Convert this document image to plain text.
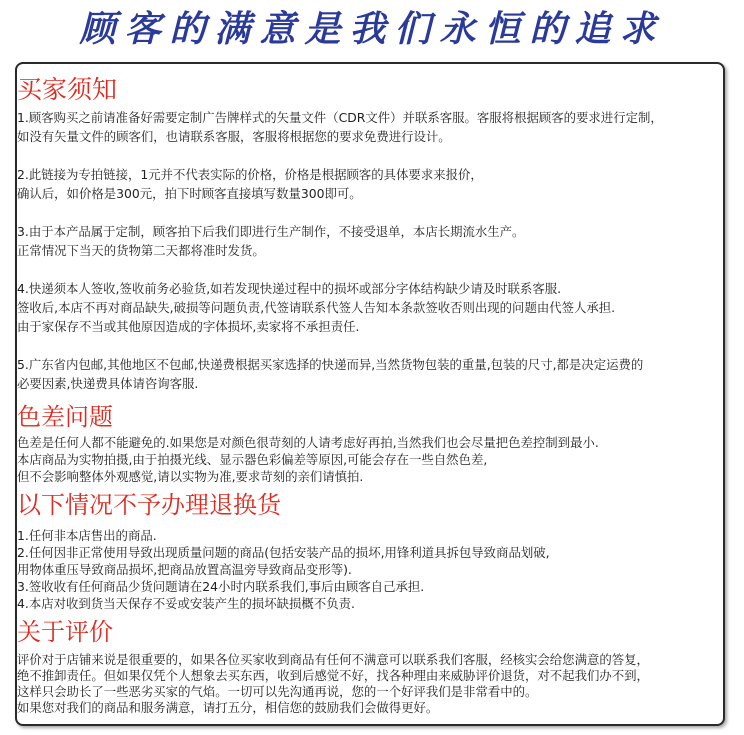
顾客的满意是我们永恒的追求
买家须知

1.顾客购买之前请准备好需要定制广告牌样式的矢量文件（CDR文件）并联系客服。客服将根据顾客的要求进行定制，

如没有矢量文件的顾客们，也请联系客服，客服将根据您的要求免费进行设计。

2.此链接为专拍链接，1元并不代表实际的价格，价格是根据顾客的具体要求来报价，

确认后，如价格是300元，拍下时顾客直接填写数量300即可。

3.由于本产品属于定制，顾客拍下后我们即进行生产制作，不接受退单，本店长期流水生产。

正常情况下当天的货物第二天都将准时发货。

4.快递须本人签收,签收前务必验货,如若发现快递过程中的损坏或部分字体结构缺少请及时联系客服.

签收后,本店不再对商品缺失,破损等问题负责,代签请联系代签人告知本条款签收否则出现的问题由代签人承担.

由于家保存不当或其他原因造成的字体损坏,卖家将不承担责任.

5.广东省内包邮,其他地区不包邮,快递费根据买家选择的快递而异,当然货物包装的重量,包装的尺寸,都是决定运费的

必要因素,快递费具体请咨询客服.

色差问题

色差是任何人都不能避免的.如果您是对颜色很苛刻的人请考虑好再拍,当然我们也会尽量把色差控制到最小.

本店商品为实物拍摄,由于拍摄光线、显示器色彩偏差等原因,可能会存在一些自然色差,

但不会影响整体外观感觉,请以实物为准,要求苛刻的亲们请慎拍.

以下情况不予办理退换货

1.任何非本店售出的商品.

2.任何因非正常使用导致出现质量问题的商品(包括安装产品的损坏,用锋利道具拆包导致商品划破,

用物体重压导致商品损坏,把商品放置高温旁导致商品变形等).

3.签收收有任何商品少货问题请在24小时内联系我们,事后由顾客自己承担.

4.本店对收到货当天保存不妥或安装产生的损坏缺损概不负责.

关于评价

评价对于店铺来说是很重要的，如果各位买家收到商品有任何不满意可以联系我们客服，经核实会给您满意的答复，

绝不推卸责任。但如果仅凭个人想象去买东西，收到后感觉不好，找各种理由来威胁评价退货，对不起我们办不到，

这样只会助长了一些恶劣买家的气焰。一切可以先沟通再说，您的一个好评我们是非常看中的。

如果您对我们的商品和服务满意，请打五分，相信您的鼓励我们会做得更好。
